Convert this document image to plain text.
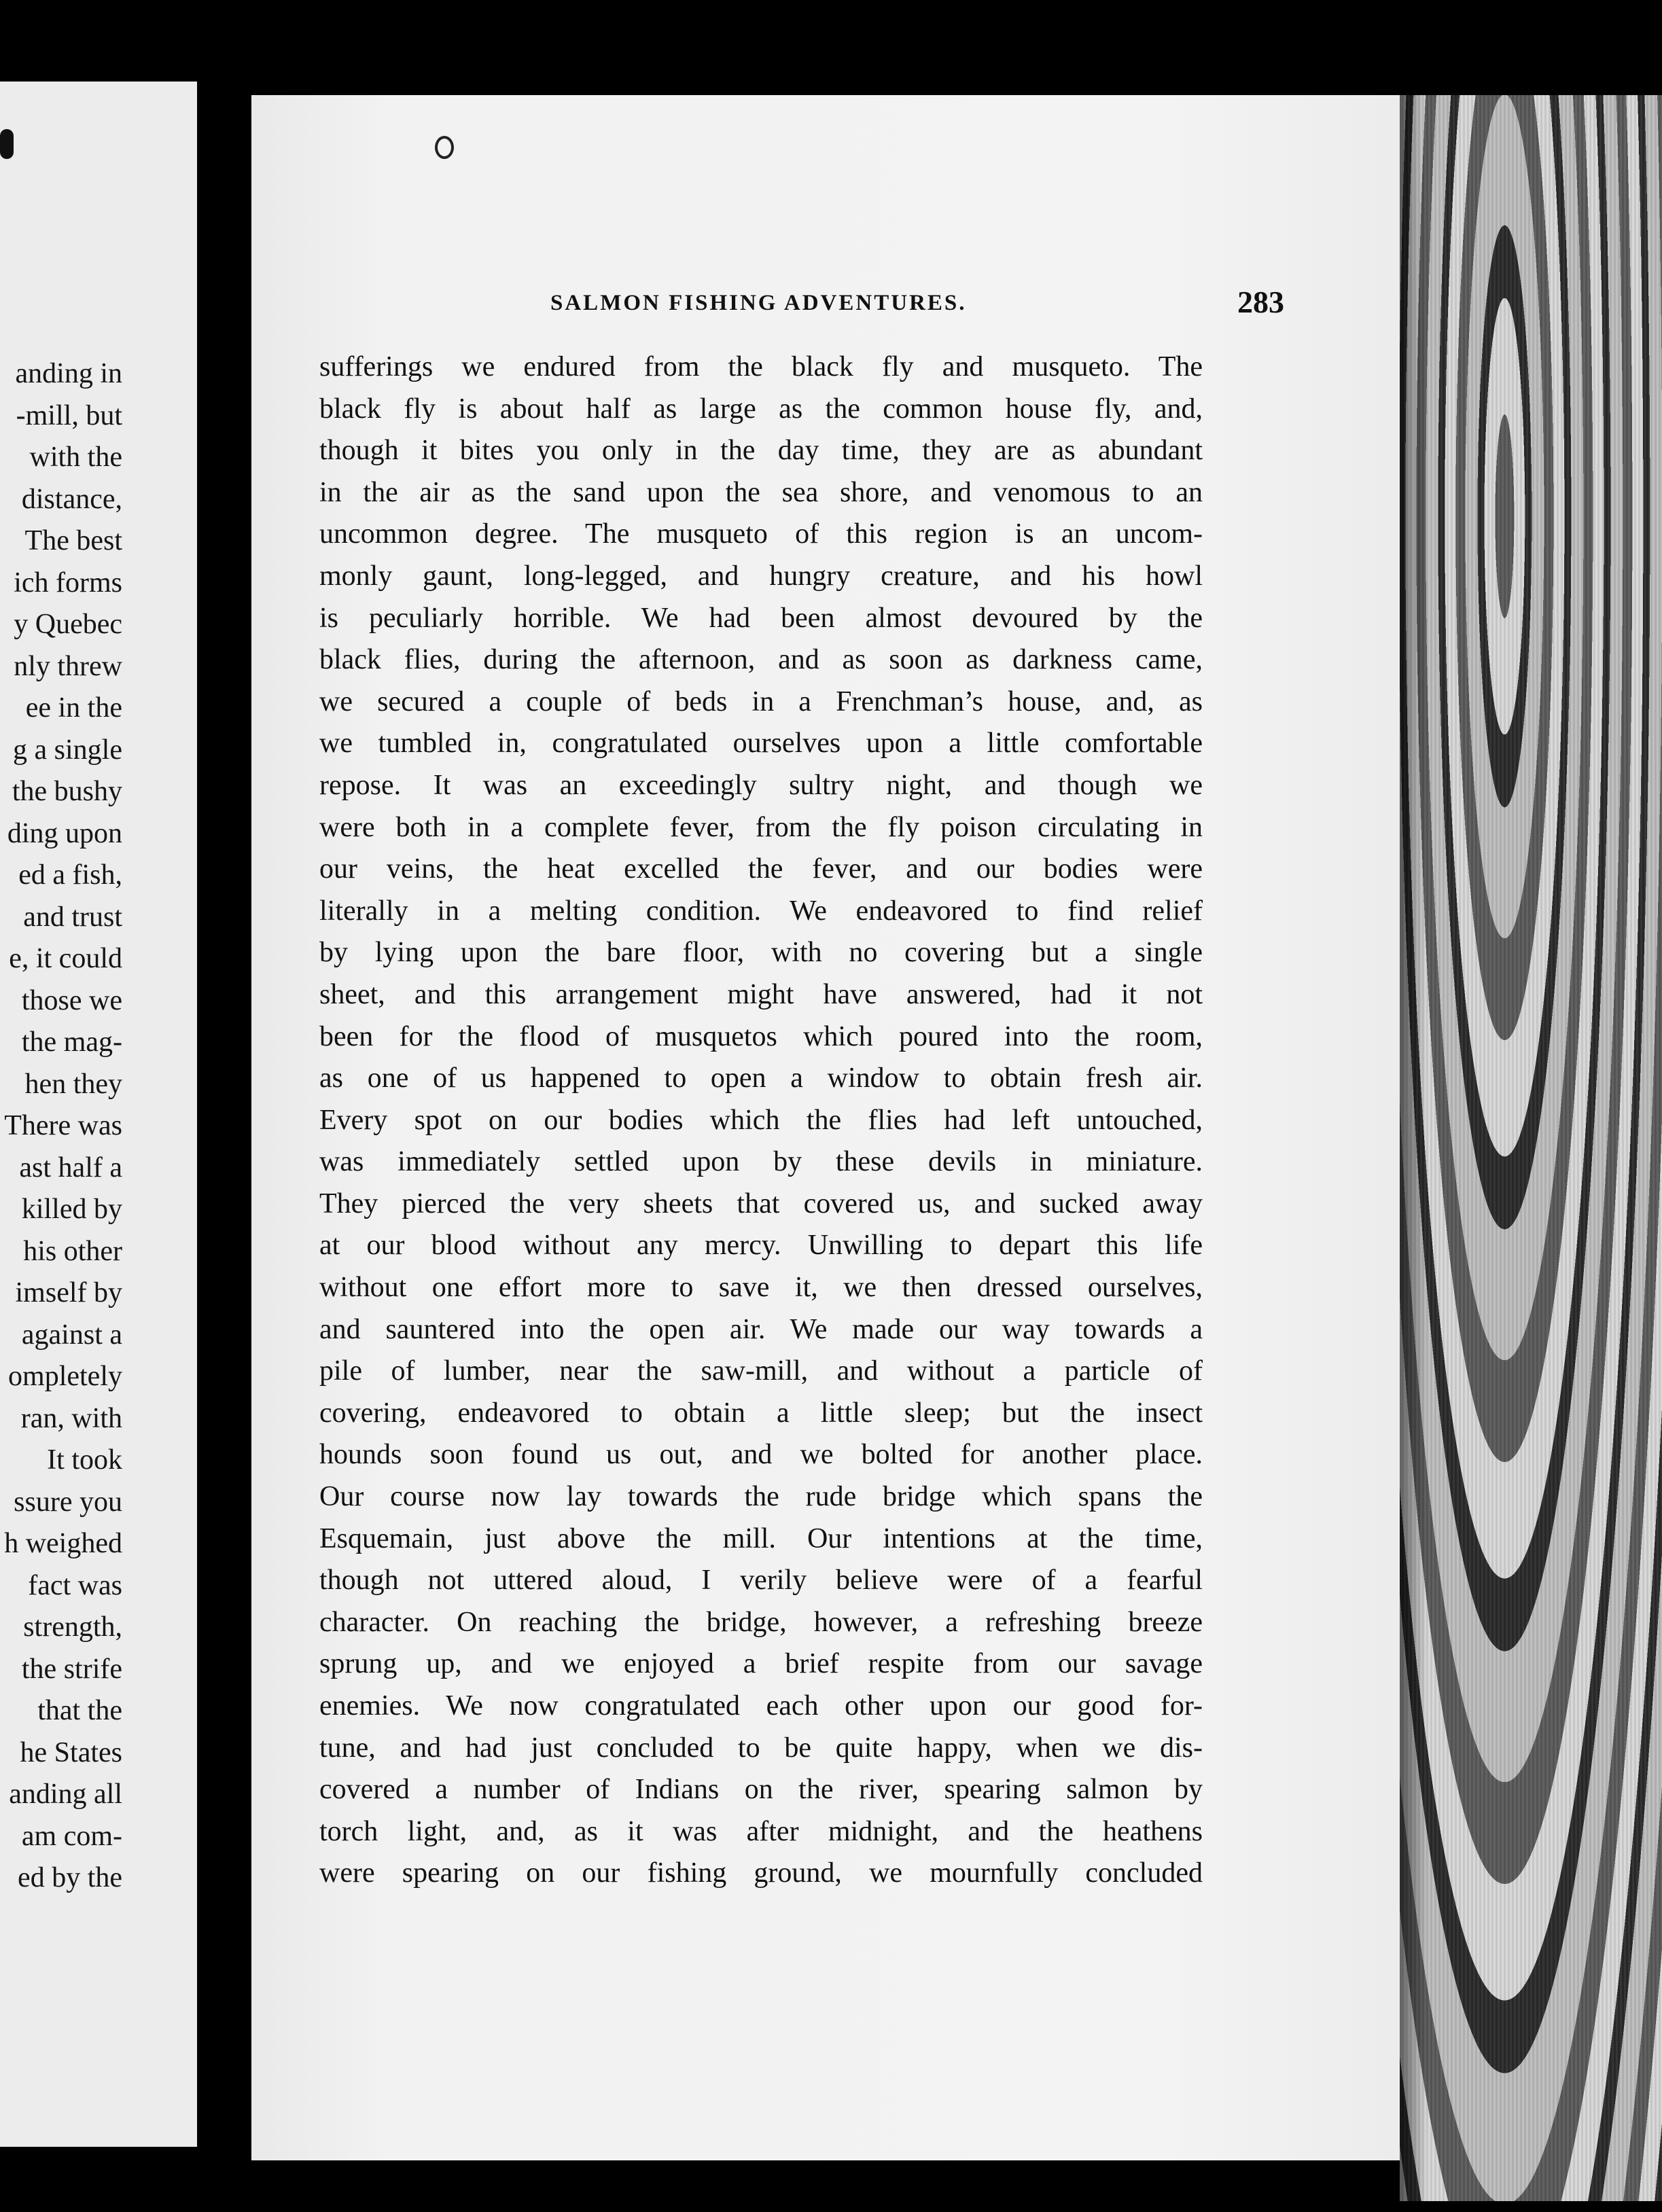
anding in
-mill, but
with the
distance,
The best
ich forms
y Quebec
nly threw
ee in the
g a single
the bushy
ding upon
ed a fish,
and trust
e, it could
those we
the mag-
hen they
There was
ast half a
killed by
his other
imself by
against a
ompletely
ran, with
It took
ssure you
h weighed
fact was
strength,
the strife
that the
he States
anding all
am com-
ed by the
SALMON FISHING ADVENTURES.	283
sufferings we endured from the black fly and musqueto. The
black fly is about half as large as the common house fly, and,
though it bites you only in the day time, they are as abundant
in the air as the sand upon the sea shore, and venomous to an
uncommon degree. The musqueto of this region is an uncom-
monly gaunt, long-legged, and hungry creature, and his howl
is peculiarly horrible. We had been almost devoured by the
black flies, during the afternoon, and as soon as darkness came,
we secured a couple of beds in a Frenchman’s house, and, as
we tumbled in, congratulated ourselves upon a little comfortable
repose. It was an exceedingly sultry night, and though we
were both in a complete fever, from the fly poison circulating in
our veins, the heat excelled the fever, and our bodies were
literally in a melting condition. We endeavored to find relief
by lying upon the bare floor, with no covering but a single
sheet, and this arrangement might have answered, had it not
been for the flood of musquetos which poured into the room,
as one of us happened to open a window to obtain fresh air.
Every spot on our bodies which the flies had left untouched,
was immediately settled upon by these devils in miniature.
They pierced the very sheets that covered us, and sucked away
at our blood without any mercy. Unwilling to depart this life
without one effort more to save it, we then dressed ourselves,
and sauntered into the open air. We made our way towards a
pile of lumber, near the saw-mill, and without a particle of
covering, endeavored to obtain a little sleep; but the insect
hounds soon found us out, and we bolted for another place.
Our course now lay towards the rude bridge which spans the
Esquemain, just above the mill. Our intentions at the time,
though not uttered aloud, I verily believe were of a fearful
character. On reaching the bridge, however, a refreshing breeze
sprung up, and we enjoyed a brief respite from our savage
enemies. We now congratulated each other upon our good for-
tune, and had just concluded to be quite happy, when we dis-
covered a number of Indians on the river, spearing salmon by
torch light, and, as it was after midnight, and the heathens
were spearing on our fishing ground, we mournfully concluded
